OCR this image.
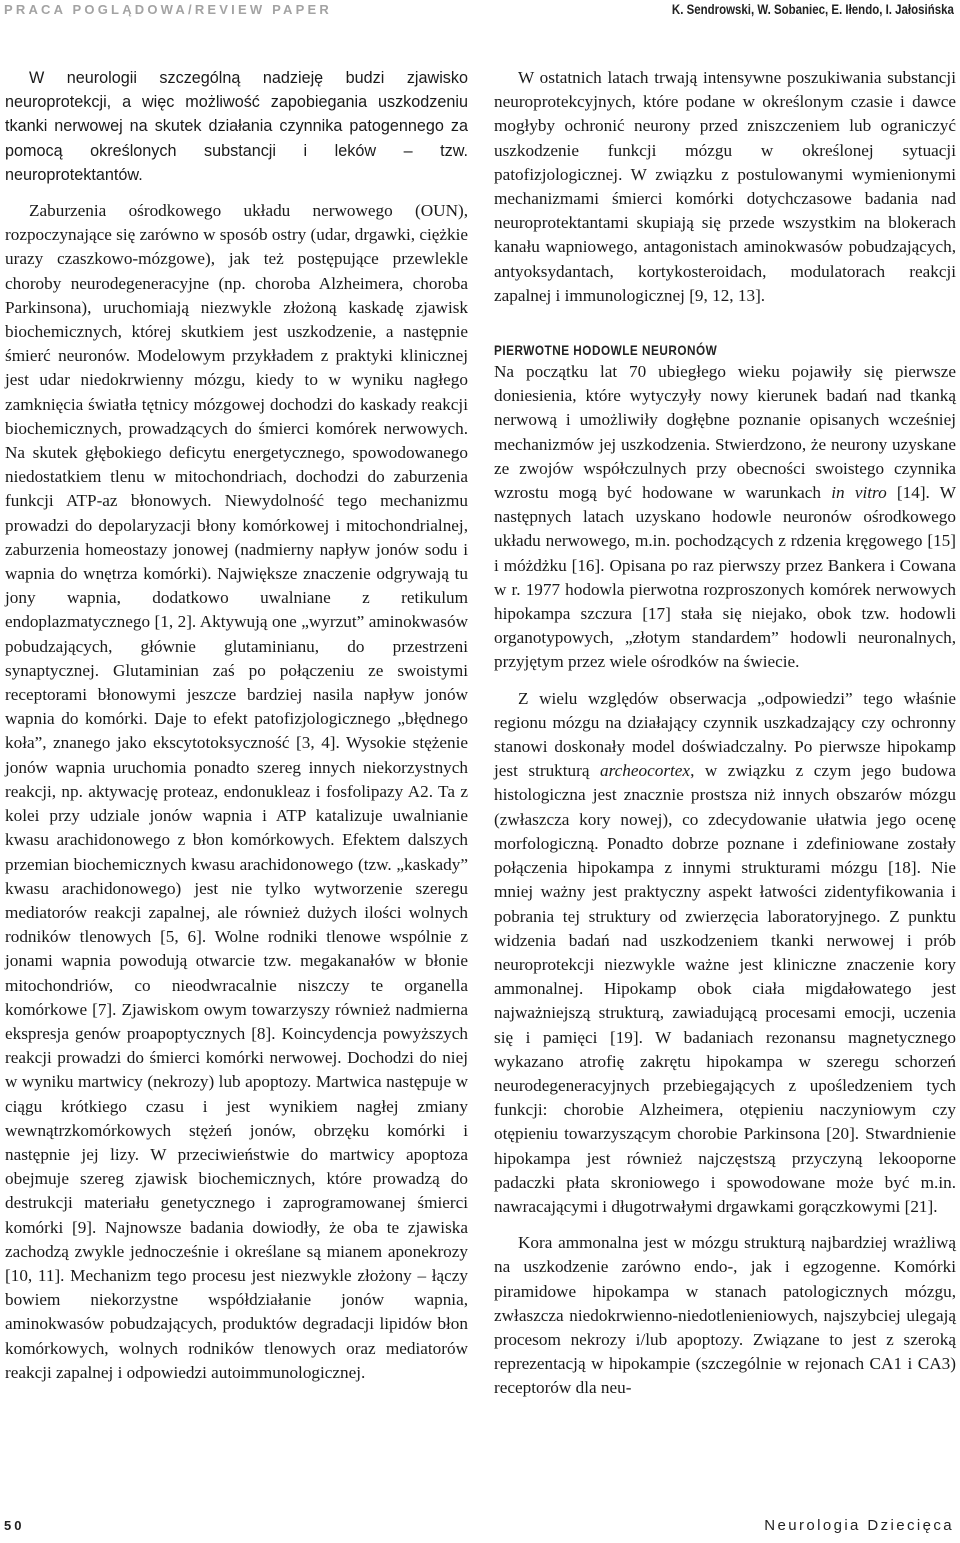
PRACA POGLĄDOWA/REVIEW PAPER	K. Sendrowski, W. Sobaniec, E. Iłendo, I. Jałosińska

W neurologii szczególną nadzieję budzi zjawisko neuroprotekcji, a więc możliwość zapobiegania uszkodzeniu tkanki nerwowej na skutek działania czynnika patogennego za pomocą określonych substancji i leków – tzw. neuroprotektantów.

Zaburzenia ośrodkowego układu nerwowego (OUN), rozpoczynające się zarówno w sposób ostry (udar, drgawki, ciężkie urazy czaszkowo-mózgowe), jak też postępujące przewlekle choroby neurodegeneracyjne (np. choroba Alzheimera, choroba Parkinsona), uruchomiają niezwykle złożoną kaskadę zjawisk biochemicznych, której skutkiem jest uszkodzenie, a następnie śmierć neuronów. Modelowym przykładem z praktyki klinicznej jest udar niedokrwienny mózgu, kiedy to w wyniku nagłego zamknięcia światła tętnicy mózgowej dochodzi do kaskady reakcji biochemicznych, prowadzących do śmierci komórek nerwowych. Na skutek głębokiego deficytu energetycznego, spowodowanego niedostatkiem tlenu w mitochondriach, dochodzi do zaburzenia funkcji ATP-az błonowych. Niewydolność tego mechanizmu prowadzi do depolaryzacji błony komórkowej i mitochondrialnej, zaburzenia homeostazy jonowej (nadmierny napływ jonów sodu i wapnia do wnętrza komórki). Największe znaczenie odgrywają tu jony wapnia, dodatkowo uwalniane z retikulum endoplazmatycznego [1, 2]. Aktywują one „wyrzut” aminokwasów pobudzających, głównie glutaminianu, do przestrzeni synaptycznej. Glutaminian zaś po połączeniu ze swoistymi receptorami błonowymi jeszcze bardziej nasila napływ jonów wapnia do komórki. Daje to efekt patofizjologicznego „błędnego koła”, znanego jako ekscytotoksyczność [3, 4]. Wysokie stężenie jonów wapnia uruchomia ponadto szereg innych niekorzystnych reakcji, np. aktywację proteaz, endonukleaz i fosfolipazy A2. Ta z kolei przy udziale jonów wapnia i ATP katalizuje uwalnianie kwasu arachidonowego z błon komórkowych. Efektem dalszych przemian biochemicznych kwasu arachidonowego (tzw. „kaskady” kwasu arachidonowego) jest nie tylko wytworzenie szeregu mediatorów reakcji zapalnej, ale również dużych ilości wolnych rodników tlenowych [5, 6]. Wolne rodniki tlenowe wspólnie z jonami wapnia powodują otwarcie tzw. megakanałów w błonie mitochondriów, co nieodwracalnie niszczy te organella komórkowe [7]. Zjawiskom owym towarzyszy również nadmierna ekspresja genów proapoptycznych [8]. Koincydencja powyższych reakcji prowadzi do śmierci komórki nerwowej. Dochodzi do niej w wyniku martwicy (nekrozy) lub apoptozy. Martwica następuje w ciągu krótkiego czasu i jest wynikiem nagłej zmiany wewnątrzkomórkowych stężeń jonów, obrzęku komórki i następnie jej lizy. W przeciwieństwie do martwicy apoptoza obejmuje szereg zjawisk biochemicznych, które prowadzą do destrukcji materiału genetycznego i zaprogramowanej śmierci komórki [9]. Najnowsze badania dowiodły, że oba te zjawiska zachodzą zwykle jednocześnie i określane są mianem aponekrozy [10, 11]. Mechanizm tego procesu jest niezwykle złożony – łączy bowiem niekorzystne współdziałanie jonów wapnia, aminokwasów pobudzających, produktów degradacji lipidów błon komórkowych, wolnych rodników tlenowych oraz mediatorów reakcji zapalnej i odpowiedzi autoimmunologicznej.

W ostatnich latach trwają intensywne poszukiwania substancji neuroprotekcyjnych, które podane w określonym czasie i dawce mogłyby ochronić neurony przed zniszczeniem lub ograniczyć uszkodzenie funkcji mózgu w określonej sytuacji patofizjologicznej. W związku z postulowanymi wymienionymi mechanizmami śmierci komórki dotychczasowe badania nad neuroprotektantami skupiają się przede wszystkim na blokerach kanału wapniowego, antagonistach aminokwasów pobudzających, antyoksydantach, kortykosteroidach, modulatorach reakcji zapalnej i immunologicznej [9, 12, 13].

PIERWOTNE HODOWLE NEURONÓW

Na początku lat 70 ubiegłego wieku pojawiły się pierwsze doniesienia, które wytyczyły nowy kierunek badań nad tkanką nerwową i umożliwiły dogłębne poznanie opisanych wcześniej mechanizmów jej uszkodzenia. Stwierdzono, że neurony uzyskane ze zwojów współczulnych przy obecności swoistego czynnika wzrostu mogą być hodowane w warunkach in vitro [14]. W następnych latach uzyskano hodowle neuronów ośrodkowego układu nerwowego, m.in. pochodzących z rdzenia kręgowego [15] i móżdżku [16]. Opisana po raz pierwszy przez Bankera i Cowana w r. 1977 hodowla pierwotna rozproszonych komórek nerwowych hipokampa szczura [17] stała się niejako, obok tzw. hodowli organotypowych, „złotym standardem” hodowli neuronalnych, przyjętym przez wiele ośrodków na świecie.

Z wielu względów obserwacja „odpowiedzi” tego właśnie regionu mózgu na działający czynnik uszkadzający czy ochronny stanowi doskonały model doświadczalny. Po pierwsze hipokamp jest strukturą archeocortex, w związku z czym jego budowa histologiczna jest znacznie prostsza niż innych obszarów mózgu (zwłaszcza kory nowej), co zdecydowanie ułatwia jego ocenę morfologiczną. Ponadto dobrze poznane i zdefiniowane zostały połączenia hipokampa z innymi strukturami mózgu [18]. Nie mniej ważny jest praktyczny aspekt łatwości zidentyfikowania i pobrania tej struktury od zwierzęcia laboratoryjnego. Z punktu widzenia badań nad uszkodzeniem tkanki nerwowej i prób neuroprotekcji niezwykle ważne jest kliniczne znaczenie kory ammonalnej. Hipokamp obok ciała migdałowatego jest najważniejszą strukturą, zawiadującą procesami emocji, uczenia się i pamięci [19]. W badaniach rezonansu magnetycznego wykazano atrofię zakrętu hipokampa w szeregu schorzeń neurodegeneracyjnych przebiegających z upośledzeniem tych funkcji: chorobie Alzheimera, otępieniu naczyniowym czy otępieniu towarzyszącym chorobie Parkinsona [20]. Stwardnienie hipokampa jest również najczęstszą przyczyną lekooporne padaczki płata skroniowego i spowodowane może być m.in. nawracającymi i długotrwałymi drgawkami gorączkowymi [21].

Kora ammonalna jest w mózgu strukturą najbardziej wrażliwą na uszkodzenie zarówno endo-, jak i egzogenne. Komórki piramidowe hipokampa w stanach patologicznych mózgu, zwłaszcza niedokrwienno-niedotlenieniowych, najszybciej ulegają procesom nekrozy i/lub apoptozy. Związane to jest z szeroką reprezentacją w hipokampie (szczególnie w rejonach CA1 i CA3) receptorów dla neu-

50	Neurologia Dziecięca
